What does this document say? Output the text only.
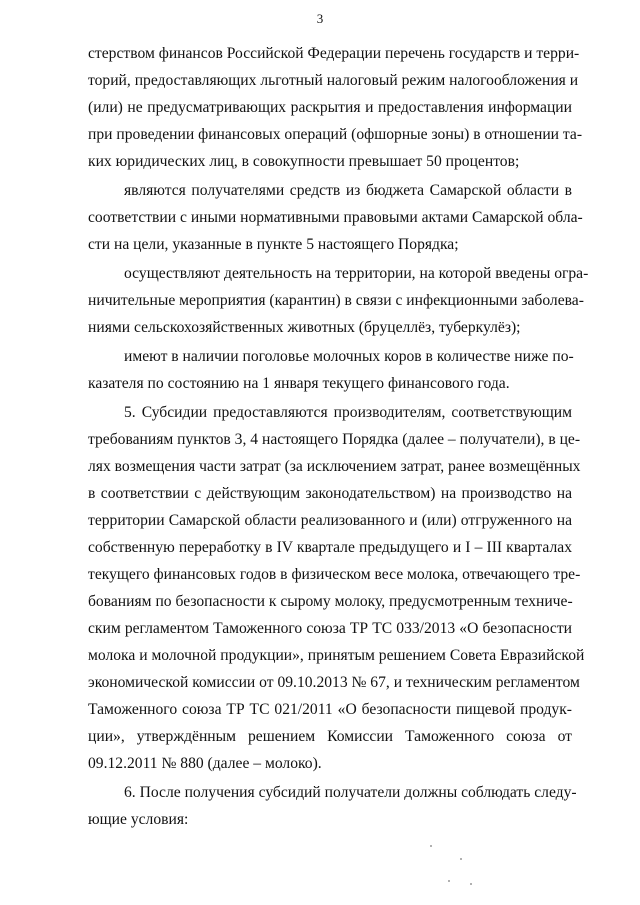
3
стерством финансов Российской Федерации перечень государств и терри-
торий, предоставляющих льготный налоговый режим налогообложения и
(или) не предусматривающих раскрытия и предоставления информации
при проведении финансовых операций (офшорные зоны) в отношении та-
ких юридических лиц, в совокупности превышает 50 процентов;
являются получателями средств из бюджета Самарской области в
соответствии с иными нормативными правовыми актами Самарской обла-
сти на цели, указанные в пункте 5 настоящего Порядка;
осуществляют деятельность на территории, на которой введены огра-
ничительные мероприятия (карантин) в связи с инфекционными заболева-
ниями сельскохозяйственных животных (бруцеллёз, туберкулёз);
имеют в наличии поголовье молочных коров в количестве ниже по-
казателя по состоянию на 1 января текущего финансового года.
5. Субсидии предоставляются производителям, соответствующим
требованиям пунктов 3, 4 настоящего Порядка (далее – получатели), в це-
лях возмещения части затрат (за исключением затрат, ранее возмещённых
в соответствии с действующим законодательством) на производство на
территории Самарской области реализованного и (или) отгруженного на
собственную переработку в IV квартале предыдущего и I – III кварталах
текущего финансовых годов в физическом весе молока, отвечающего тре-
бованиям по безопасности к сырому молоку, предусмотренным техниче-
ским регламентом Таможенного союза ТР ТС 033/2013 «О безопасности
молока и молочной продукции», принятым решением Совета Евразийской
экономической комиссии от 09.10.2013 № 67, и техническим регламентом
Таможенного союза ТР ТС 021/2011 «О безопасности пищевой продук-
ции», утверждённым решением Комиссии Таможенного союза от
09.12.2011 № 880 (далее – молоко).
6. После получения субсидий получатели должны соблюдать следу-
ющие условия:
